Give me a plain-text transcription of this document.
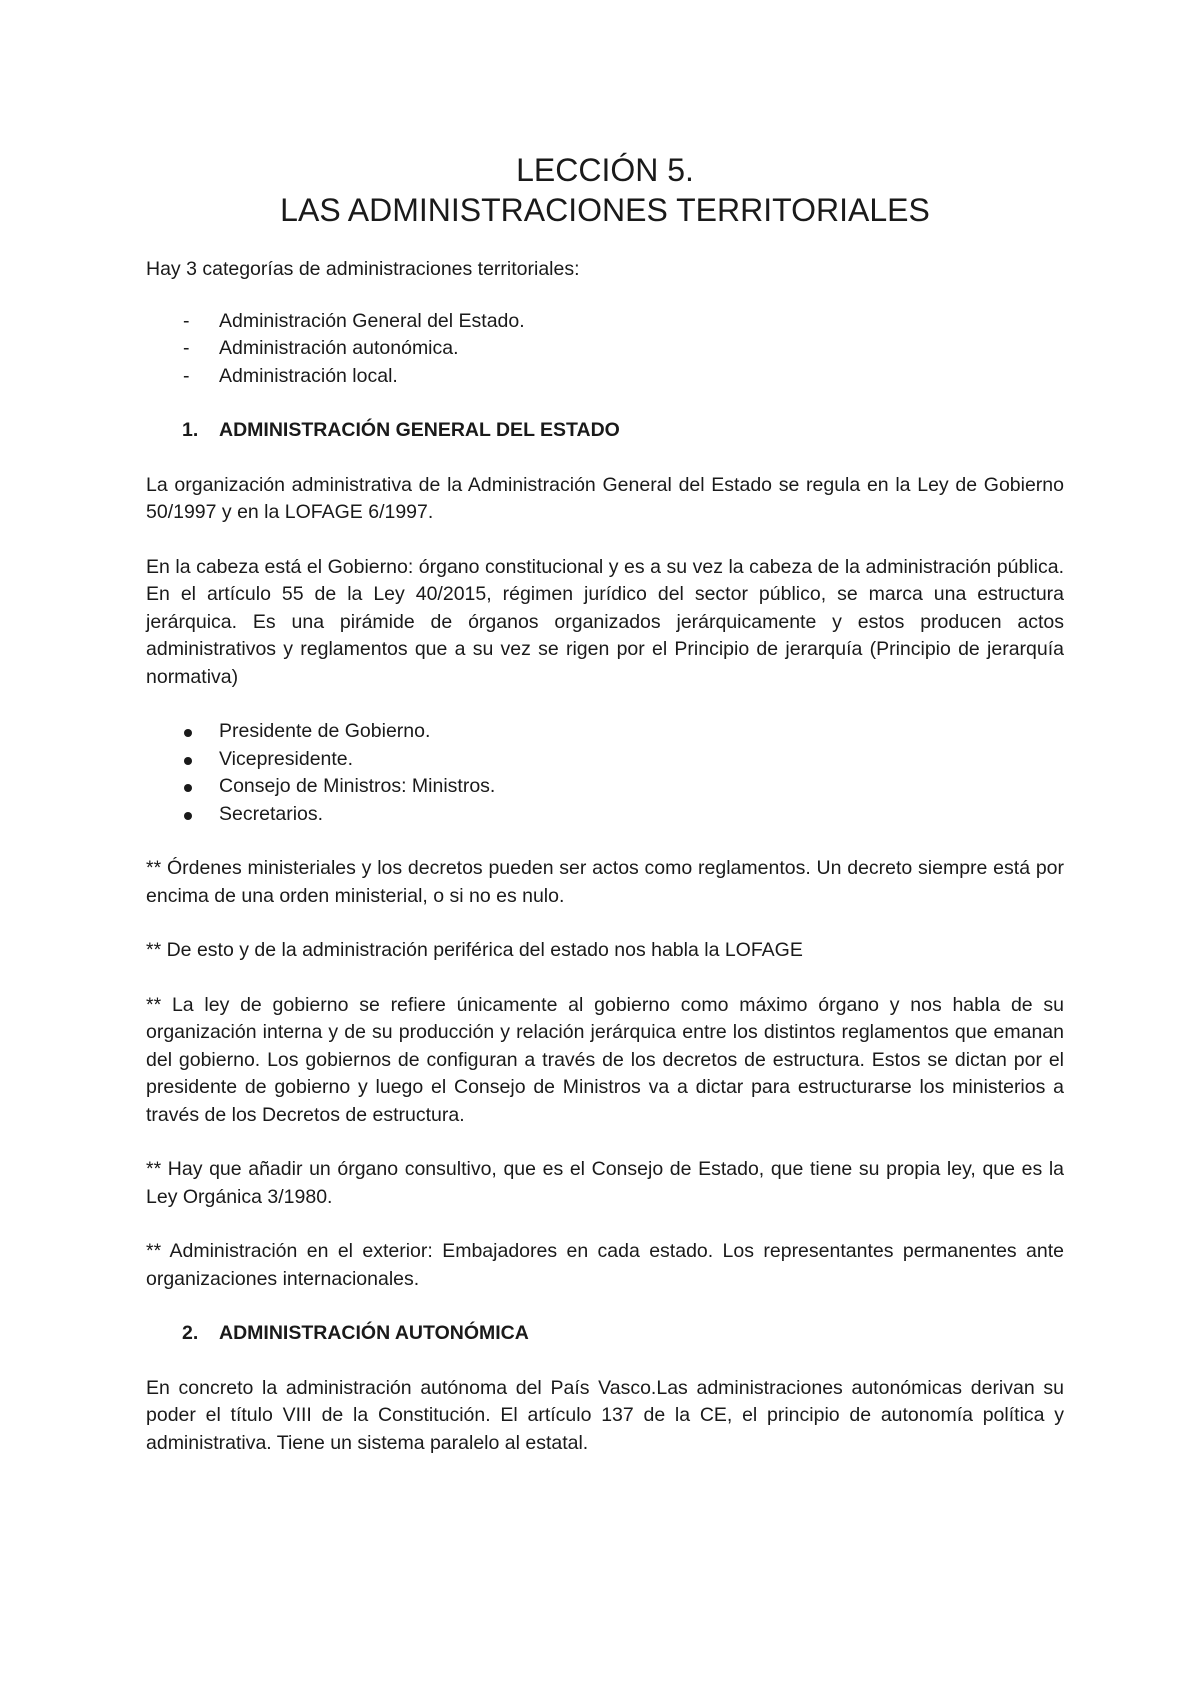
LECCIÓN 5.
LAS ADMINISTRACIONES TERRITORIALES

Hay 3 categorías de administraciones territoriales:

- Administración General del Estado.
- Administración autonómica.
- Administración local.
1. ADMINISTRACIÓN GENERAL DEL ESTADO

La organización administrativa de la Administración General del Estado se regula en la Ley de Gobierno 50/1997 y en la LOFAGE 6/1997.

En la cabeza está el Gobierno: órgano constitucional y es a su vez la cabeza de la administración pública. En el artículo 55 de la Ley 40/2015, régimen jurídico del sector público, se marca una estructura jerárquica. Es una pirámide de órganos organizados jerárquicamente y estos producen actos administrativos y reglamentos que a su vez se rigen por el Principio de jerarquía (Principio de jerarquía normativa)

Presidente de Gobierno.
Vicepresidente.
Consejo de Ministros: Ministros.
Secretarios.

** Órdenes ministeriales y los decretos pueden ser actos como reglamentos. Un decreto siempre está por encima de una orden ministerial, o si no es nulo.

** De esto y de la administración periférica del estado nos habla la LOFAGE

** La ley de gobierno se refiere únicamente al gobierno como máximo órgano y nos habla de su organización interna y de su producción y relación jerárquica entre los distintos reglamentos que emanan del gobierno. Los gobiernos de configuran a través de los decretos de estructura. Estos se dictan por el presidente de gobierno y luego el Consejo de Ministros va a dictar para estructurarse los ministerios a través de los Decretos de estructura.

** Hay que añadir un órgano consultivo, que es el Consejo de Estado, que tiene su propia ley, que es la Ley Orgánica 3/1980.

** Administración en el exterior: Embajadores en cada estado. Los representantes permanentes ante organizaciones internacionales.

2. ADMINISTRACIÓN AUTONÓMICA

En concreto la administración autónoma del País Vasco.Las administraciones autonómicas derivan su poder el título VIII de la Constitución. El artículo 137 de la CE, el principio de autonomía política y administrativa. Tiene un sistema paralelo al estatal.
